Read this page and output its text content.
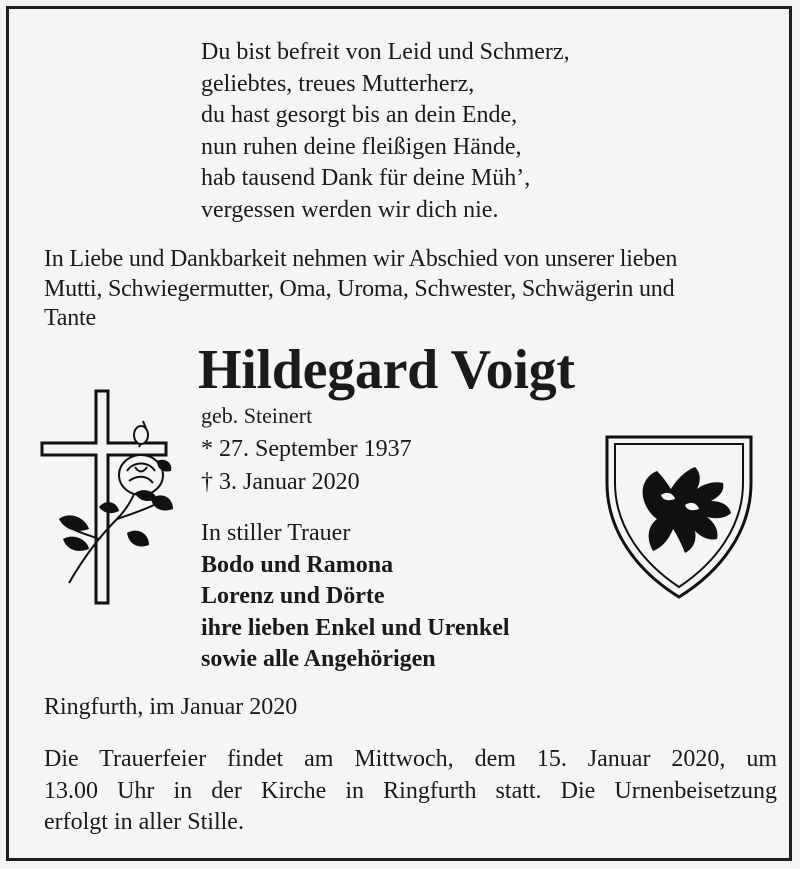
Du bist befreit von Leid und Schmerz,
geliebtes, treues Mutterherz,
du hast gesorgt bis an dein Ende,
nun ruhen deine fleißigen Hände,
hab tausend Dank für deine Müh’,
vergessen werden wir dich nie.
In Liebe und Dankbarkeit nehmen wir Abschied von unserer lieben
Mutti, Schwiegermutter, Oma, Uroma, Schwester, Schwägerin und
Tante
Hildegard Voigt
geb. Steinert
* 27. September 1937
† 3. Januar 2020
In stiller Trauer
Bodo und Ramona
Lorenz und Dörte
ihre lieben Enkel und Urenkel
sowie alle Angehörigen
Ringfurth, im Januar 2020
Die Trauerfeier findet am Mittwoch, dem 15. Januar 2020, um
13.00 Uhr in der Kirche in Ringfurth statt. Die Urnenbeisetzung
erfolgt in aller Stille.
